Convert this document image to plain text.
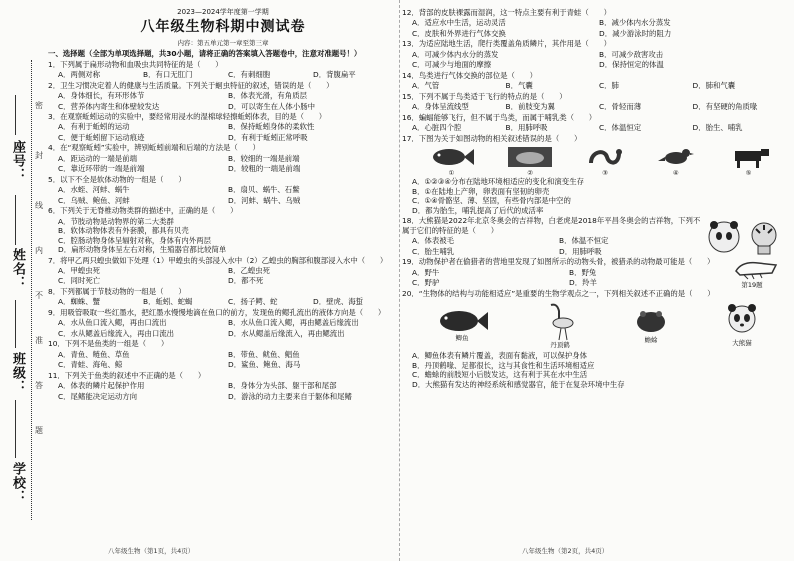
座号：
姓名：
班级：
学校：
密
封
线
内
不
准
答
题
2023—2024学年度第一学期
八年级生物科期中测试卷
内容：第五单元第一章至第三章
一、选择题（全部为单项选择题，共30小题，请将正确的答案填入答题卷中，注意对准题号！）
1．下列属于扁形动物和血吸虫共同特征的是（　　）
A．两侧对称	B．有口无肛门	C．有刺细胞	D．背腹扁平
2．卫生习惯决定着人的健康与生活质量。下列关于蛔虫特征的叙述，错误的是（　　）
A．身体细长，有环形体节	B．体表光滑，有角质层
C．营养体内寄生和体壁较发达	D．可以寄生在人体小肠中
3．在观察蚯蚓运动的实验中，要经常用浸水的湿棉球轻擦蚯蚓体表，目的是（　　）
A．有利于蚯蚓的运动	B．保持蚯蚓身体的柔软性
C．便于蚯蚓留下运动痕迹	D．有利于蚯蚓正常呼吸
4．在“观察蚯蚓”实验中，辨别蚯蚓前端和后端的方法是（　　）
A．距运动的一端是前端	B．较细的一端是前端
C．靠近环带的一端是前端	D．较粗的一端是前端
5．以下不全是软体动物的一组是（　　）
A．水蛭、河蚌、蜗牛	B．扇贝、蜗牛、石鳖
C．乌贼、鲍鱼、河蚌	D．河蚌、蜗牛、乌贼
6．下列关于无脊椎动物类群的描述中，正确的是（　　）
A．节肢动物是动物界的第二大类群
B．软体动物体表有外套膜，都具有贝壳
C．腔肠动物身体呈辐射对称，身体有内外两层
D．扁形动物身体呈左右对称，生殖器官都比较简单
7．将甲乙两只蝗虫做如下处理（1）甲蝗虫的头部浸入水中（2）乙蝗虫的胸部和腹部浸入水中（　　）
A．甲蝗虫死	B．乙蝗虫死
C．同时死亡	D．都不死
8．下列都属于节肢动物的一组是（　　）
A．蜘蛛、蟹	B．蚯蚓、蛇蝎	C．扬子鳄、蛇	D．壁虎、海蜇
9．用吸管吸取一些红墨水，把红墨水慢慢地滴在鱼口的前方，发现鱼的鳃孔流出的液体方向是（　　）
A．水从鱼口流入鳃，再由口流出	B．水从鱼口流入鳃，再由鳃盖后缘流出
C．水从鳃盖后缘流入，再由口流出	D．水从鳃盖后缘流入，再由鳃流出
10．下列不是鱼类的一组是（　　）
A．青鱼、鲢鱼、草鱼	B．带鱼、鱿鱼、鲳鱼
C．青蛙、海龟、鲸	D．鲨鱼、鲍鱼、海马
11．下列关于鱼类的叙述中不正确的是（　　）
A．体表的鳞片起保护作用	B．身体分为头部、躯干部和尾部
C．尾鳍能决定运动方向	D．游泳的动力主要来自于躯体和尾鳍
八年级生物（第1页，共4页）
12．背部的皮肤裸露而湿润，这一特点主要有利于青蛙（　　）
A．适应水中生活，运动灵活	B．减少体内水分蒸发
C．皮肤和外界进行气体交换	D．减少游泳时的阻力
13．为适应陆地生活，爬行类覆盖角质鳞片，其作用是（　　）
A．可减少体内水分的蒸发	B．可减少敌害攻击
C．可减少与地面的摩擦	D．保持恒定的体温
14．鸟类进行气体交换的部位是（　　）
A．气管	B．气囊	C．肺	D．肺和气囊
15．下列不属于鸟类适于飞行的特点的是（　　）
A．身体呈流线型	B．前肢变为翼	C．骨轻而薄	D．有坚硬的角质喙
16．蝙蝠能够飞行，但不属于鸟类，而属于哺乳类（　　）
A．心脏四个腔	B．用肺呼吸	C．体温恒定	D．胎生、哺乳
17．下图为关于如图动物的相关叙述错误的是（　　）
①	②	③	④	⑤
A．①②③④分布在陆地环境相适应的变化和演变生存
B．①在陆地上产卵，卵表面有坚韧的卵壳
C．①④骨骼坚、薄、坚固，有些骨内部是中空的
D．都为胎生，哺乳提高了后代的成活率
18．大熊猫是2022年北京冬奥会的吉祥物，白老虎是2018年平昌冬奥会的吉祥物，下列不属于它们的特征的是（　　）
A．体表被毛	B．体温不恒定
C．胎生哺乳	D．用肺呼吸
19．动物保护者在偷猎者的营地里发现了如图所示的动物头骨，被猎杀的动物最可能是（　　）
A．野牛	B．野兔
C．野驴	D．羚羊	第19题
20．“生物体的结构与功能相适应”是重要的生物学观点之一，下列相关叙述不正确的是（　　）
鲫鱼
丹顶鹤
蟾蜍	大熊猫
A．鲫鱼体表有鳞片覆盖，表面有黏液，可以保护身体
B．丹顶鹤喙、足都很长，这与其食性和生活环境相适应
C．蟾蜍的前肢短小后肢发达，这有利于其在水中生活
D．大熊猫有发达的神经系统和感觉器官，能于在复杂环境中生存
八年级生物（第2页，共4页）
